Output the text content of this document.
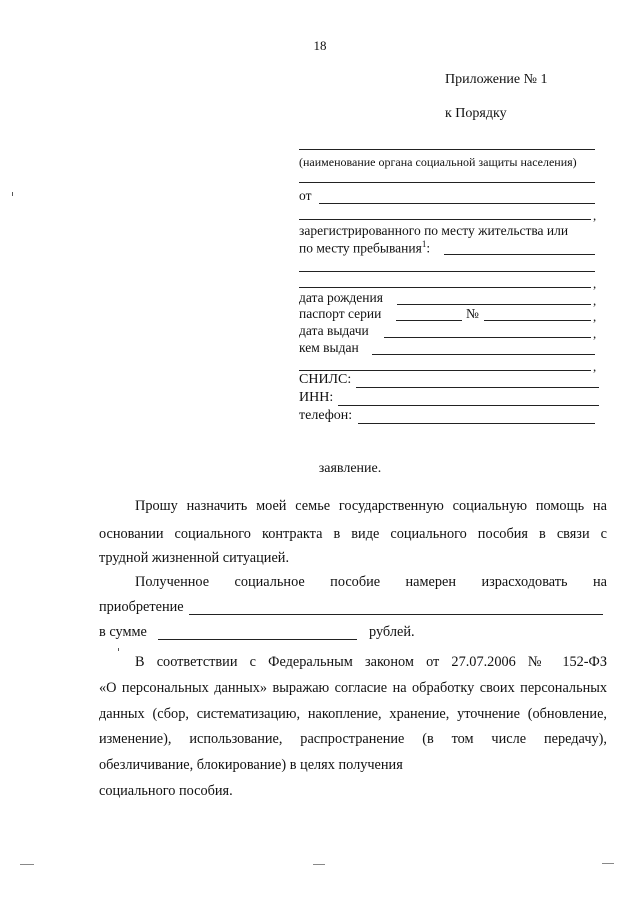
18
Приложение № 1
к Порядку
(наименование органа социальной защиты населения)
от
,
зарегистрированного по месту жительства или
по месту пребывания$^1$:
,
дата рождения	,
паспорт серии	№	,
дата выдачи	,
кем выдан
,
СНИЛС:
ИНН:
телефон:
заявление.
Прошу назначить моей семье государственную социальную помощь на
основании социального контракта в виде социального пособия в связи с
трудной жизненной ситуацией.
Полученное социальное пособие намерен израсходовать на
приобретение
в сумме	рублей.
В соответствии с Федеральным законом от 27.07.2006 № 152-ФЗ
«О персональных данных» выражаю согласие на обработку своих персональных данных (сбор, систематизацию, накопление, хранение, уточнение (обновление, изменение), использование, распространение (в том числе передачу), обезличивание, блокирование) в целях получения
социального пособия.
